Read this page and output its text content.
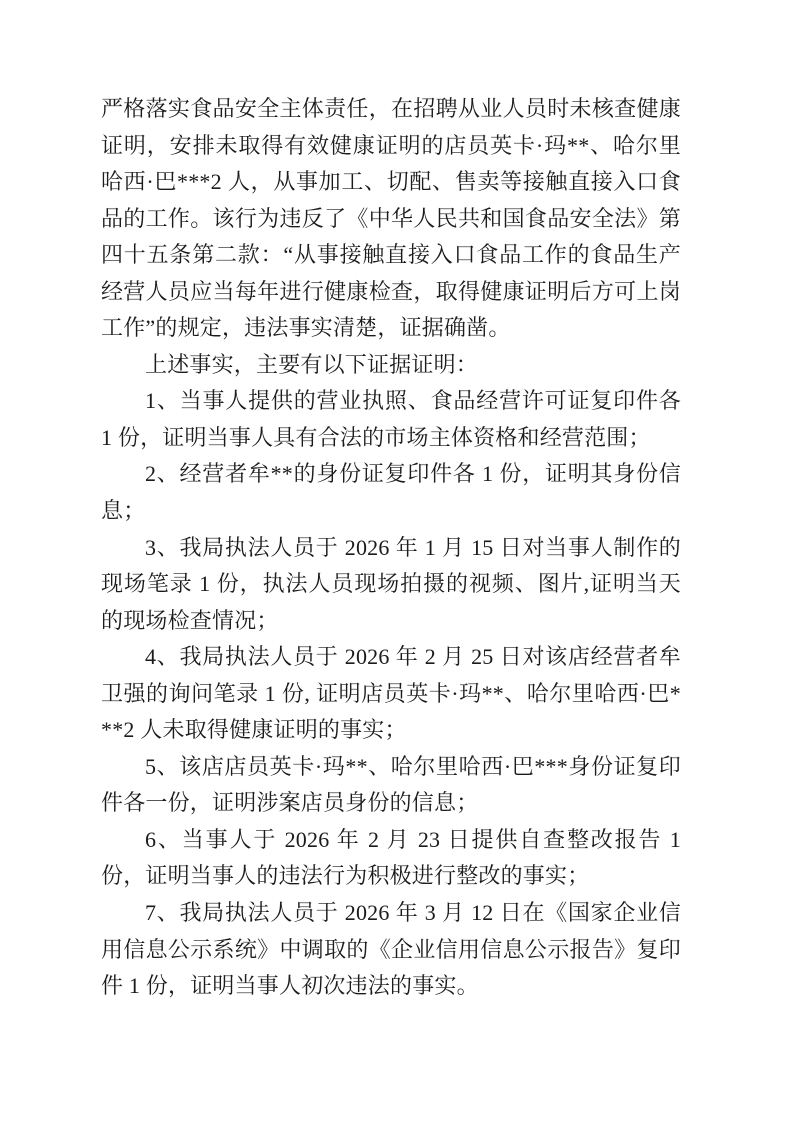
严格落实食品安全主体责任，在招聘从业人员时未核查健康证明，安排未取得有效健康证明的店员英卡·玛**、哈尔里哈西·巴***2 人，从事加工、切配、售卖等接触直接入口食品的工作。该行为违反了《中华人民共和国食品安全法》第四十五条第二款：“从事接触直接入口食品工作的食品生产经营人员应当每年进行健康检查，取得健康证明后方可上岗工作”的规定，违法事实清楚，证据确凿。

上述事实，主要有以下证据证明：

1、当事人提供的营业执照、食品经营许可证复印件各 1 份，证明当事人具有合法的市场主体资格和经营范围；

2、经营者牟**的身份证复印件各 1 份，证明其身份信息；

3、我局执法人员于 2026 年 1 月 15 日对当事人制作的现场笔录 1 份，执法人员现场拍摄的视频、图片,证明当天的现场检查情况；

4、我局执法人员于 2026 年 2 月 25 日对该店经营者牟卫强的询问笔录 1 份, 证明店员英卡·玛**、哈尔里哈西·巴***2 人未取得健康证明的事实；

5、该店店员英卡·玛**、哈尔里哈西·巴***身份证复印件各一份，证明涉案店员身份的信息；

6、当事人于 2026 年 2 月 23 日提供自查整改报告 1 份，证明当事人的违法行为积极进行整改的事实；

7、我局执法人员于 2026 年 3 月 12 日在《国家企业信用信息公示系统》中调取的《企业信用信息公示报告》复印件 1 份，证明当事人初次违法的事实。
